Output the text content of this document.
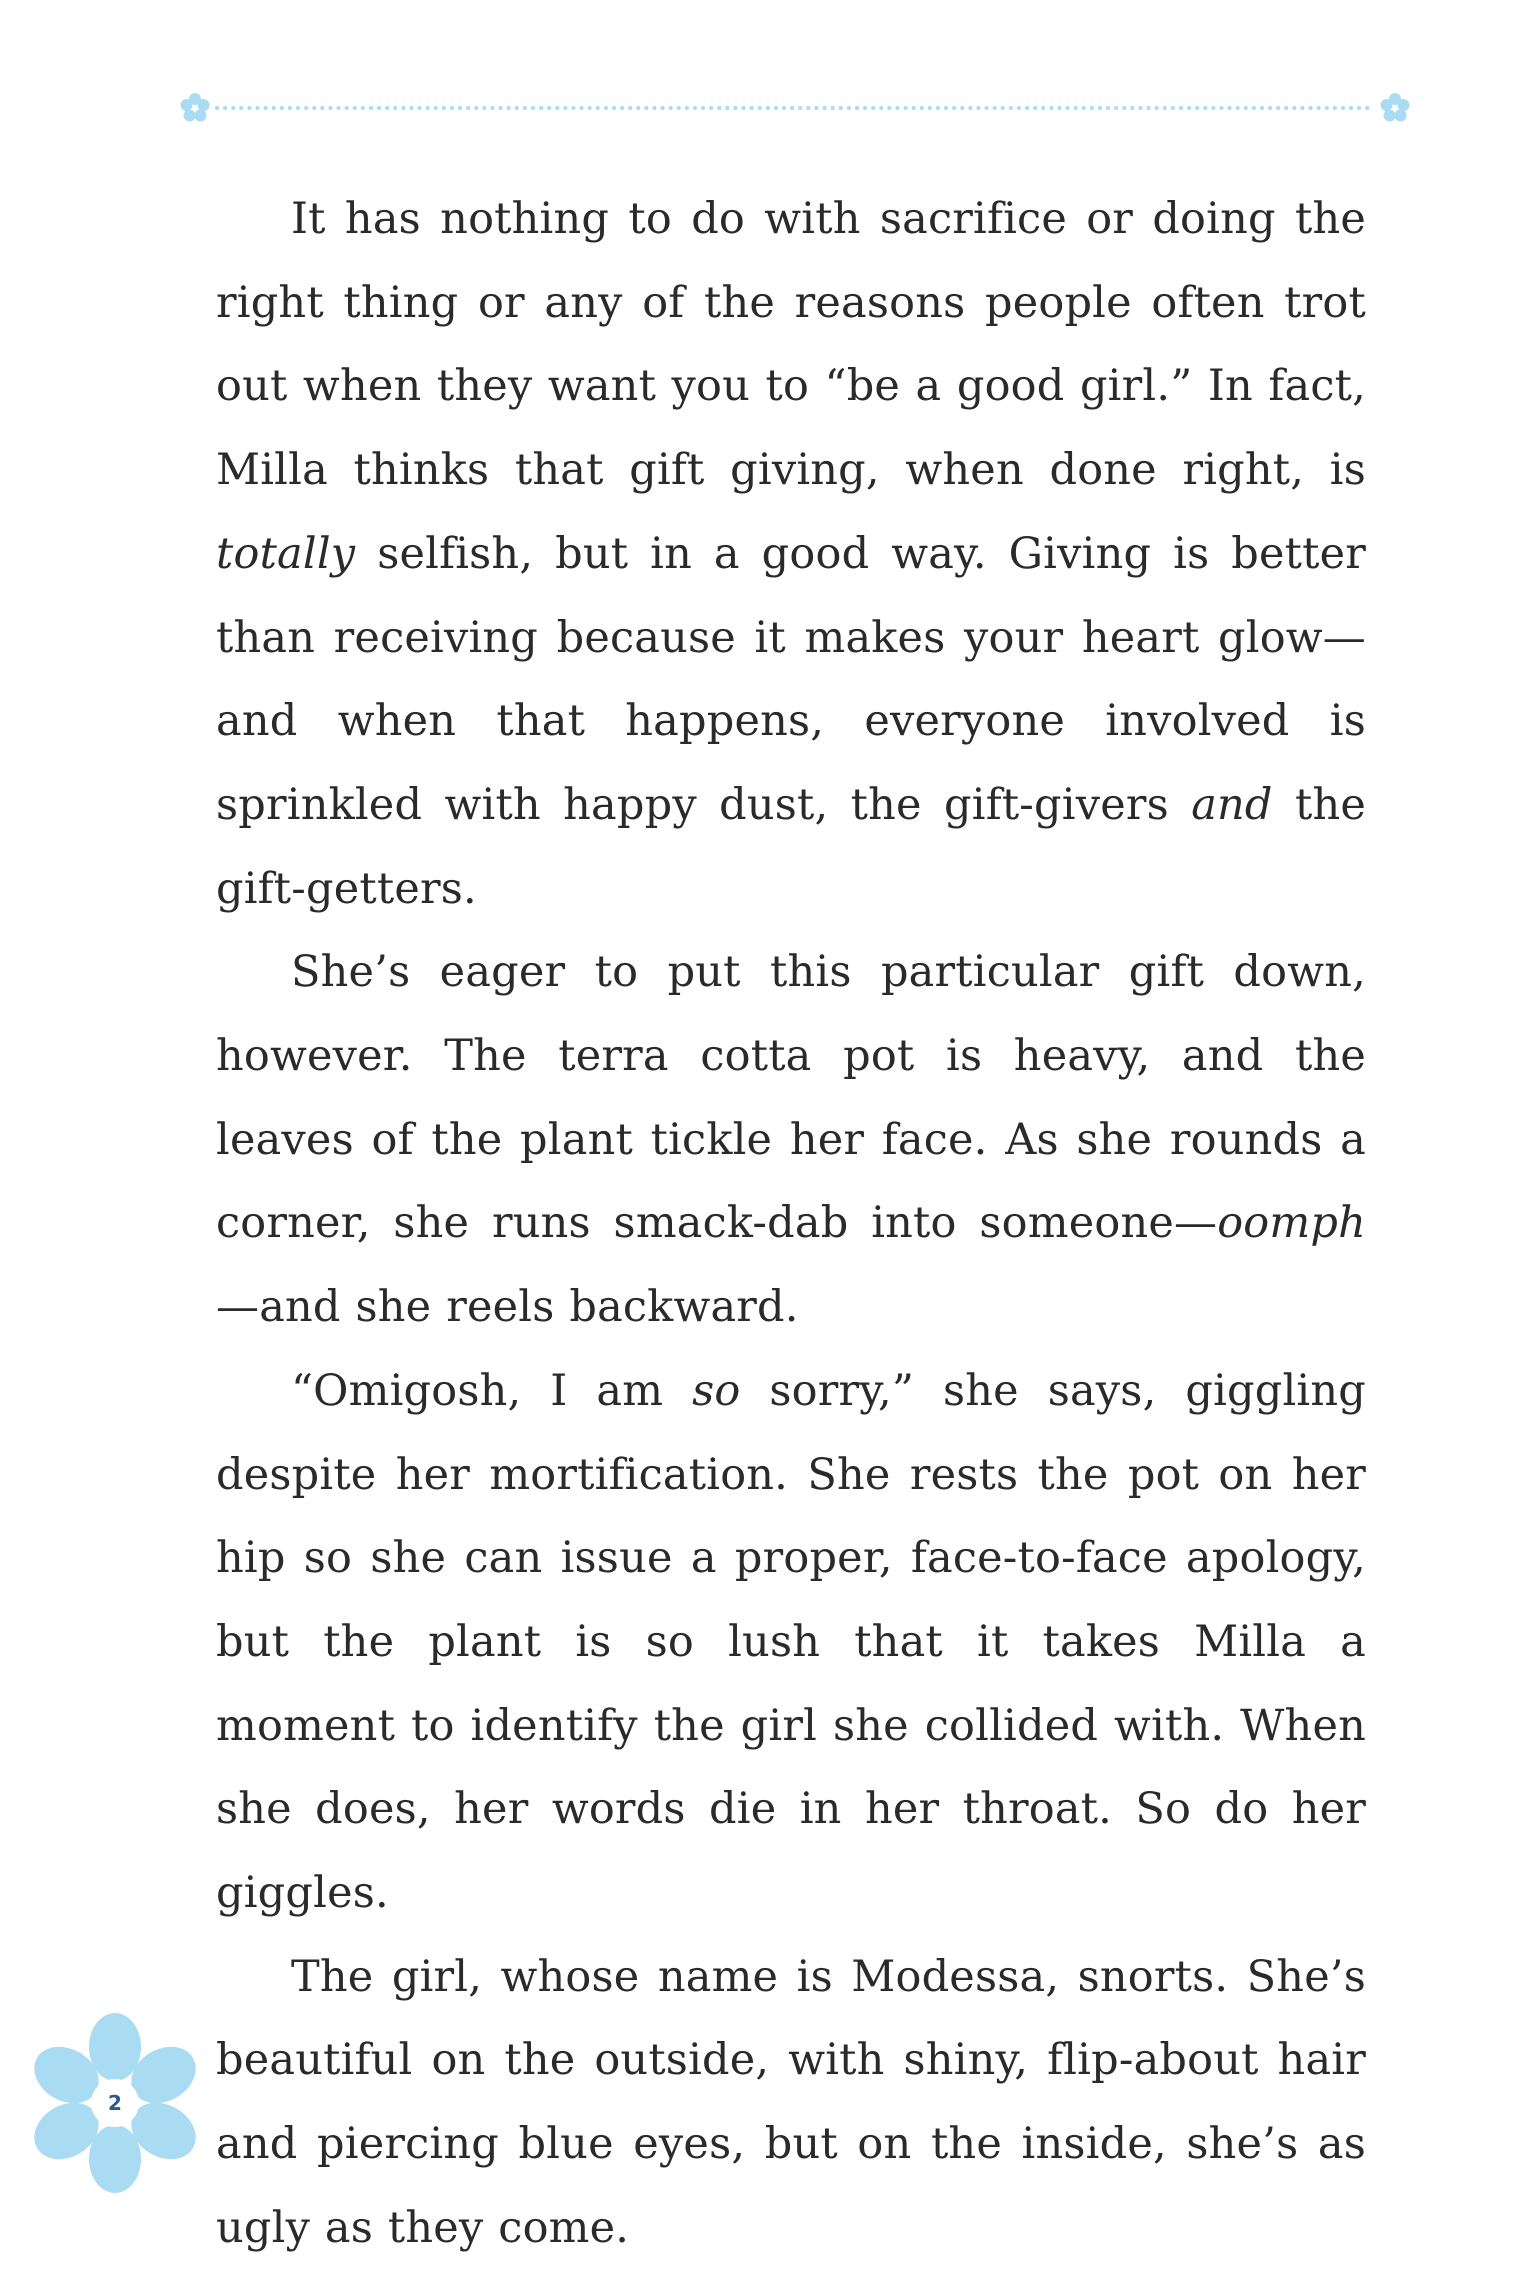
It has nothing to do with sacrifice or doing the right thing or any of the reasons people often trot out when they want you to “be a good girl.” In fact, Milla thinks that gift giving, when done right, is totally selfish, but in a good way. Giving is better than receiving because it makes your heart glow—and when that happens, everyone involved is sprinkled with happy dust, the gift-givers and the gift-getters.

She’s eager to put this particular gift down, however. The terra cotta pot is heavy, and the leaves of the plant tickle her face. As she rounds a corner, she runs smack-dab into someone—oomph—and she reels backward.

“Omigosh, I am so sorry,” she says, giggling despite her mortification. She rests the pot on her hip so she can issue a proper, face-to-face apology, but the plant is so lush that it takes Milla a moment to identify the girl she collided with. When she does, her words die in her throat. So do her giggles.

The girl, whose name is Modessa, snorts. She’s beautiful on the outside, with shiny, flip-about hair and piercing blue eyes, but on the inside, she’s as ugly as they come.

2
